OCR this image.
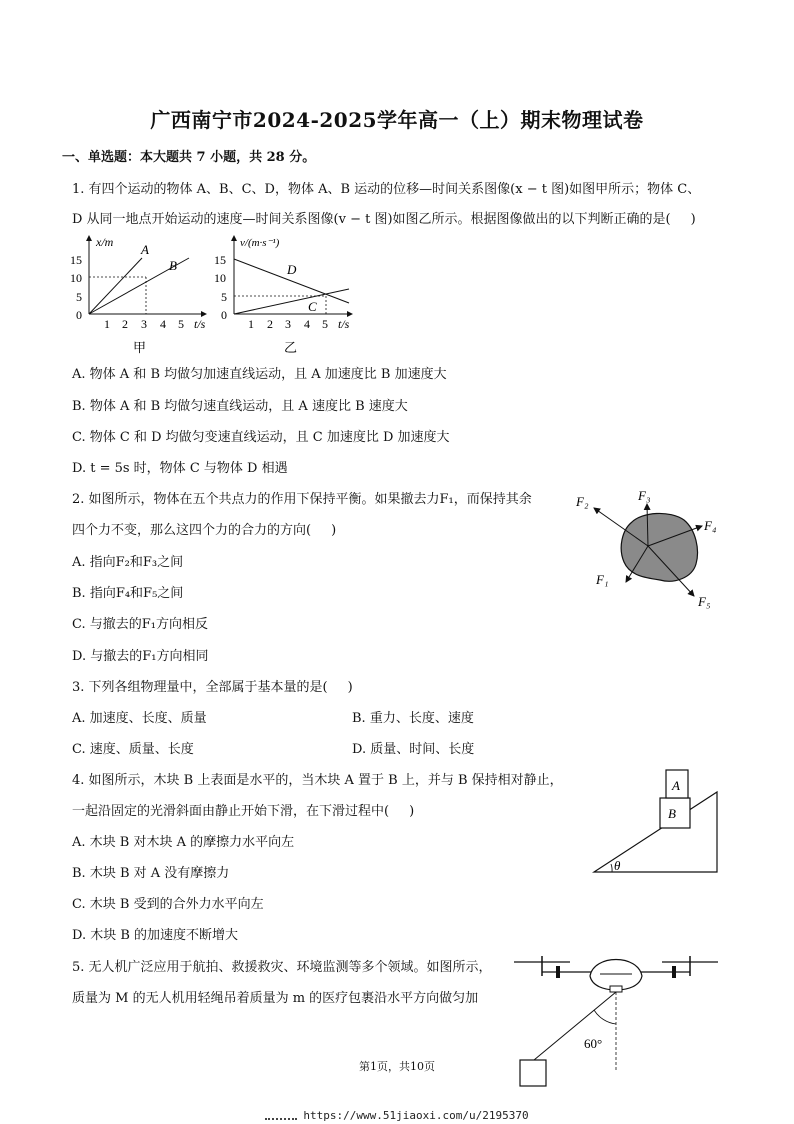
广西南宁市2024-2025学年高一（上）期末物理试卷
一、单选题：本大题共 7 小题，共 28 分。
1. 有四个运动的物体 A、B、C、D，物体 A、B 运动的位移—时间关系图像(x − t 图)如图甲所示；物体 C、
D 从同一地点开始运动的速度—时间关系图像(v − t 图)如图乙所示。根据图像做出的以下判断正确的是( )
x/m
15
10
5
0
1 2 3 4 5 t/s
A
B
甲
v/(m·s⁻¹)
15
10
5
0
1 2 3 4 5 t/s
D
C
乙
A. 物体 A 和 B 均做匀加速直线运动，且 A 加速度比 B 加速度大
B. 物体 A 和 B 均做匀速直线运动，且 A 速度比 B 速度大
C. 物体 C 和 D 均做匀变速直线运动，且 C 加速度比 D 加速度大
D. t = 5s 时，物体 C 与物体 D 相遇
2. 如图所示，物体在五个共点力的作用下保持平衡。如果撤去力F₁，而保持其余
四个力不变，那么这四个力的合力的方向( )
F₁
F₂	F₃
F₄
F₅
A. 指向F₂和F₃之间
B. 指向F₄和F₅之间
C. 与撤去的F₁方向相反
D. 与撤去的F₁方向相同
3. 下列各组物理量中，全部属于基本量的是( )
A. 加速度、长度、质量	B. 重力、长度、速度
C. 速度、质量、长度	D. 质量、时间、长度
4. 如图所示，木块 B 上表面是水平的，当木块 A 置于 B 上，并与 B 保持相对静止，
一起沿固定的光滑斜面由静止开始下滑，在下滑过程中( )
A
B
θ
A. 木块 B 对木块 A 的摩擦力水平向左
B. 木块 B 对 A 没有摩擦力
C. 木块 B 受到的合外力水平向左
D. 木块 B 的加速度不断增大
5. 无人机广泛应用于航拍、救援救灾、环境监测等多个领域。如图所示，
质量为 M 的无人机用轻绳吊着质量为 m 的医疗包裹沿水平方向做匀加
60°
第1页，共10页
https://www.51jiaoxi.com/u/2195370
